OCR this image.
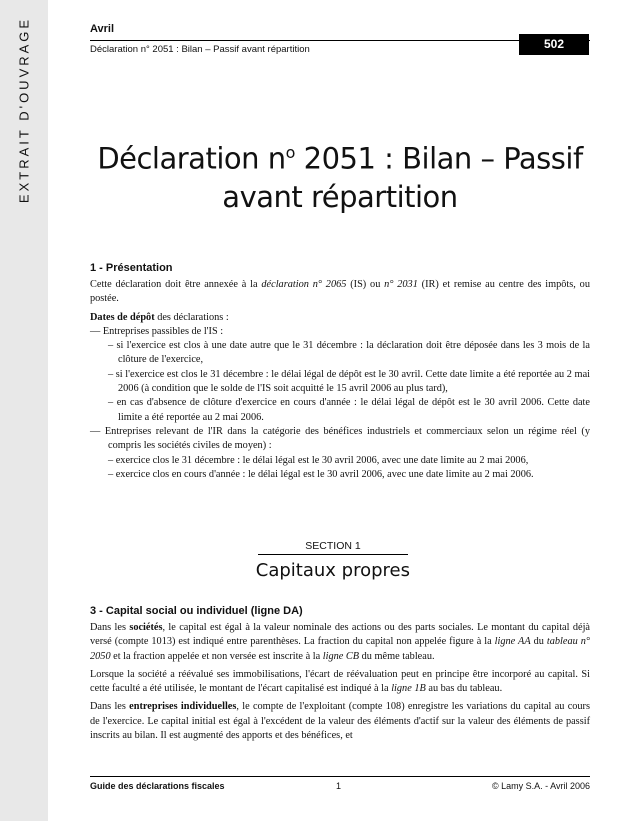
EXTRAIT D'OUVRAGE	Avril
Déclaration n° 2051 : Bilan – Passif avant répartition	502
Déclaration $n^o$ 2051 : Bilan – Passif
avant répartition
1 - Présentation

Cette déclaration doit être annexée à la déclaration n° 2065 (IS) ou n° 2031 (IR) et remise au centre des impôts, ou postée.

Dates de dépôt des déclarations :

— Entreprises passibles de l'IS :
– si l'exercice est clos à une date autre que le 31 décembre : la déclaration doit être déposée dans les 3 mois de la clôture de l'exercice,
– si l'exercice est clos le 31 décembre : le délai légal de dépôt est le 30 avril. Cette date limite a été reportée au 2 mai 2006 (à condition que le solde de l'IS soit acquitté le 15 avril 2006 au plus tard),
– en cas d'absence de clôture d'exercice en cours d'année : le délai légal de dépôt est le 30 avril 2006. Cette date limite a été reportée au 2 mai 2006.
— Entreprises relevant de l'IR dans la catégorie des bénéfices industriels et commerciaux selon un régime réel (y compris les sociétés civiles de moyen) :
– exercice clos le 31 décembre : le délai légal est le 30 avril 2006, avec une date limite au 2 mai 2006,
– exercice clos en cours d'année : le délai légal est le 30 avril 2006, avec une date limite au 2 mai 2006.
SECTION 1
Capitaux propres
3 - Capital social ou individuel (ligne DA)

Dans les sociétés, le capital est égal à la valeur nominale des actions ou des parts sociales. Le montant du capital déjà versé (compte 1013) est indiqué entre parenthèses. La fraction du capital non appelée figure à la ligne AA du tableau n° 2050 et la fraction appelée et non versée est inscrite à la ligne CB du même tableau.

Lorsque la société a réévalué ses immobilisations, l'écart de réévaluation peut en principe être incorporé au capital. Si cette faculté a été utilisée, le montant de l'écart capitalisé est indiqué à la ligne 1B au bas du tableau.

Dans les entreprises individuelles, le compte de l'exploitant (compte 108) enregistre les variations du capital au cours de l'exercice. Le capital initial est égal à l'excédent de la valeur des éléments d'actif sur la valeur des éléments de passif inscrits au bilan. Il est augmenté des apports et des bénéfices, et

Guide des déclarations fiscales	1	© Lamy S.A. - Avril 2006
